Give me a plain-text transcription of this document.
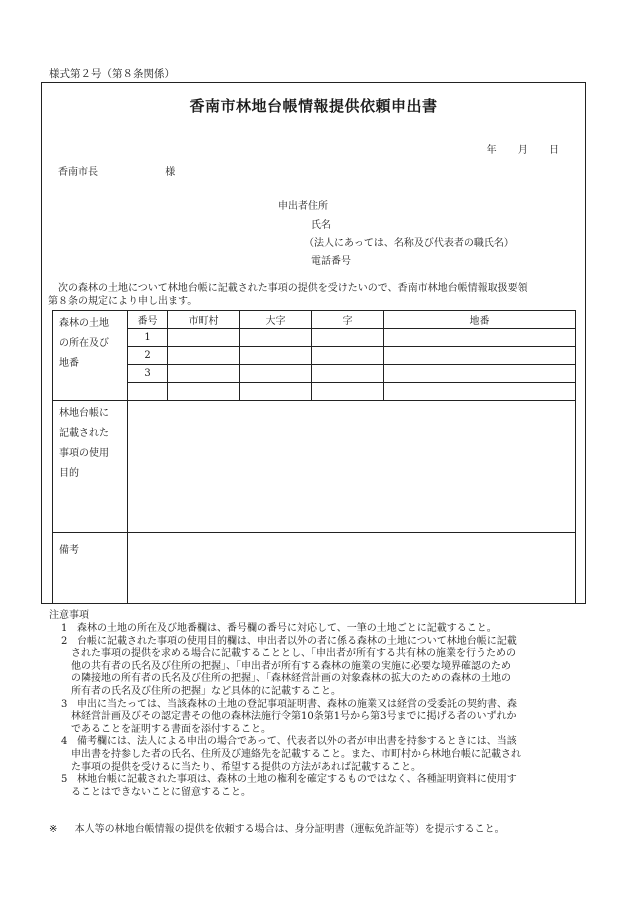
様式第２号（第８条関係）
香南市林地台帳情報提供依頼申出書
年 月 日
香南市長	様
申出者住所
氏名
（法人にあっては、名称及び代表者の職氏名）
電話番号
次の森林の土地について林地台帳に記載された事項の提供を受けたいので、香南市林地台帳情報取扱要領
第８条の規定により申し出ます。
森林の土地
の所在及び
地番	番号	市町村	大字	字	地番
	1				
	2				
	3				

林地台帳に
記載された
事項の使用
目的					

備考					

注意事項
1 森林の土地の所在及び地番欄は、番号欄の番号に対応して、一筆の土地ごとに記載すること。
2 台帳に記載された事項の使用目的欄は、申出者以外の者に係る森林の土地について林地台帳に記載
された事項の提供を求める場合に記載することとし、「申出者が所有する共有林の施業を行うための
他の共有者の氏名及び住所の把握」、「申出者が所有する森林の施業の実施に必要な境界確認のため
の隣接地の所有者の氏名及び住所の把握」、「森林経営計画の対象森林の拡大のための森林の土地の
所有者の氏名及び住所の把握」など具体的に記載すること。
3 申出に当たっては、当該森林の土地の登記事項証明書、森林の施業又は経営の受委託の契約書、森
林経営計画及びその認定書その他の森林法施行令第10条第1号から第3号までに掲げる者のいずれか
であることを証明する書面を添付すること。
4 備考欄には、法人による申出の場合であって、代表者以外の者が申出書を持参するときには、当該
申出書を持参した者の氏名、住所及び連絡先を記載すること。また、市町村から林地台帳に記載され
た事項の提供を受けるに当たり、希望する提供の方法があれば記載すること。
5 林地台帳に記載された事項は、森林の土地の権利を確定するものではなく、各種証明資料に使用す
ることはできないことに留意すること。
※ 本人等の林地台帳情報の提供を依頼する場合は、身分証明書（運転免許証等）を提示すること。
